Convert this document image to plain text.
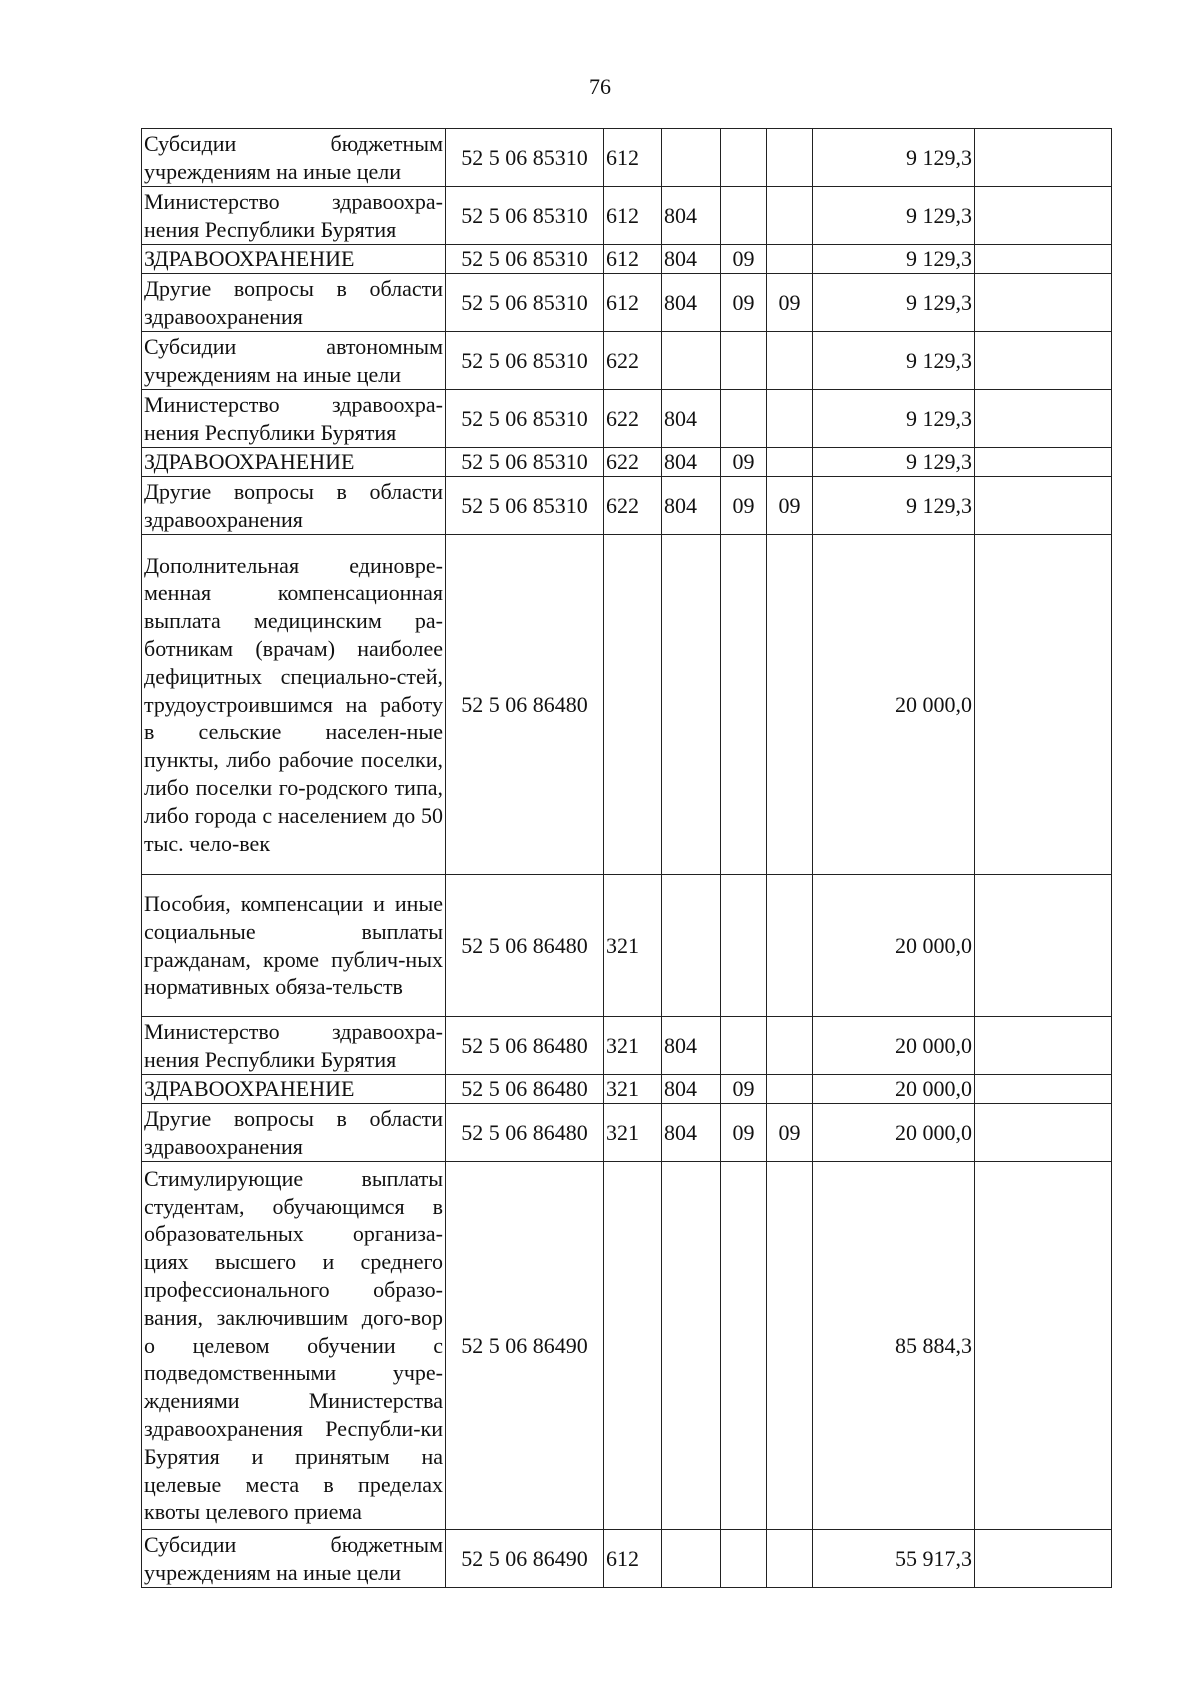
76
Субсидии бюджетным учреждениям на иные цели	52 5 06 85310	612				9 129,3	
Министерство здравоохра-нения Республики Бурятия	52 5 06 85310	612	804			9 129,3	
ЗДРАВООХРАНЕНИЕ	52 5 06 85310	612	804	09		9 129,3	
Другие вопросы в области здравоохранения	52 5 06 85310	612	804	09	09	9 129,3	
Субсидии автономным учреждениям на иные цели	52 5 06 85310	622				9 129,3	
Министерство здравоохра-нения Республики Бурятия	52 5 06 85310	622	804			9 129,3	
ЗДРАВООХРАНЕНИЕ	52 5 06 85310	622	804	09		9 129,3	
Другие вопросы в области здравоохранения	52 5 06 85310	622	804	09	09	9 129,3	
Дополнительная единовре-менная компенсационная выплата медицинским ра-ботникам (врачам) наиболее дефицитных специально-стей, трудоустроившимся на работу в сельские населен-ные пункты, либо рабочие поселки, либо поселки го-родского типа, либо города с населением до 50 тыс. чело-век	52 5 06 86480					20 000,0	
Пособия, компенсации и иные социальные выплаты гражданам, кроме публич-ных нормативных обяза-тельств	52 5 06 86480	321				20 000,0	
Министерство здравоохра-нения Республики Бурятия	52 5 06 86480	321	804			20 000,0	
ЗДРАВООХРАНЕНИЕ	52 5 06 86480	321	804	09		20 000,0	
Другие вопросы в области здравоохранения	52 5 06 86480	321	804	09	09	20 000,0	
Стимулирующие выплаты студентам, обучающимся в образовательных организа-циях высшего и среднего профессионального образо-вания, заключившим дого-вор о целевом обучении с подведомственными учре-ждениями Министерства здравоохранения Республи-ки Бурятия и принятым на целевые места в пределах квоты целевого приема	52 5 06 86490					85 884,3	
Субсидии бюджетным учреждениям на иные цели	52 5 06 86490	612				55 917,3	
